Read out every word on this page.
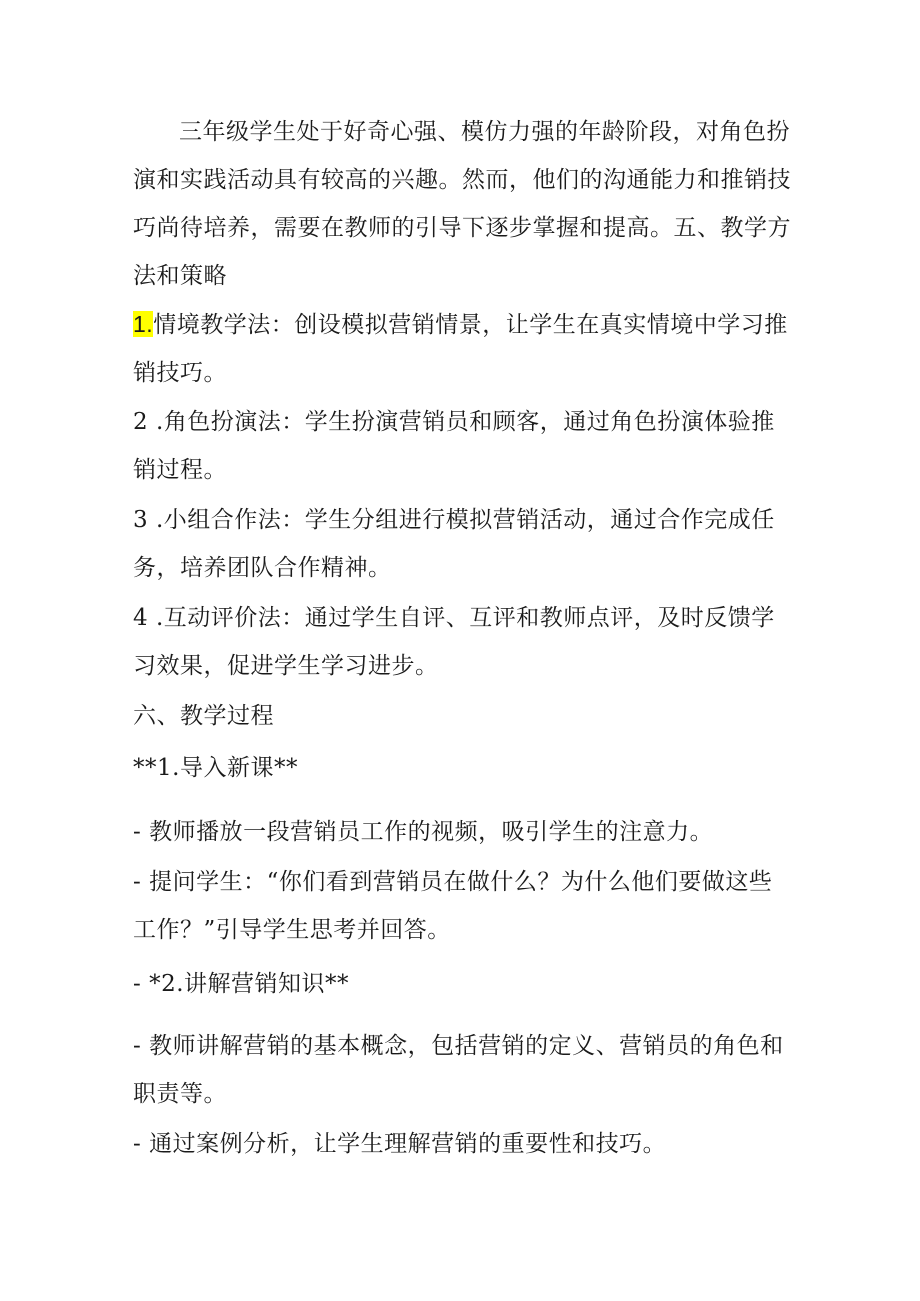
三年级学生处于好奇心强、模仿力强的年龄阶段，对角色扮演和实践活动具有较高的兴趣。然而，他们的沟通能力和推销技巧尚待培养，需要在教师的引导下逐步掌握和提高。五、教学方法和策略

1.情境教学法：创设模拟营销情景，让学生在真实情境中学习推销技巧。

2 .角色扮演法：学生扮演营销员和顾客，通过角色扮演体验推销过程。

3 .小组合作法：学生分组进行模拟营销活动，通过合作完成任务，培养团队合作精神。

4 .互动评价法：通过学生自评、互评和教师点评，及时反馈学习效果，促进学生学习进步。

六、教学过程

**1.导入新课**

- 教师播放一段营销员工作的视频，吸引学生的注意力。

- 提问学生：“你们看到营销员在做什么？为什么他们要做这些工作？”引导学生思考并回答。

- *2.讲解营销知识**

- 教师讲解营销的基本概念，包括营销的定义、营销员的角色和职责等。

- 通过案例分析，让学生理解营销的重要性和技巧。
